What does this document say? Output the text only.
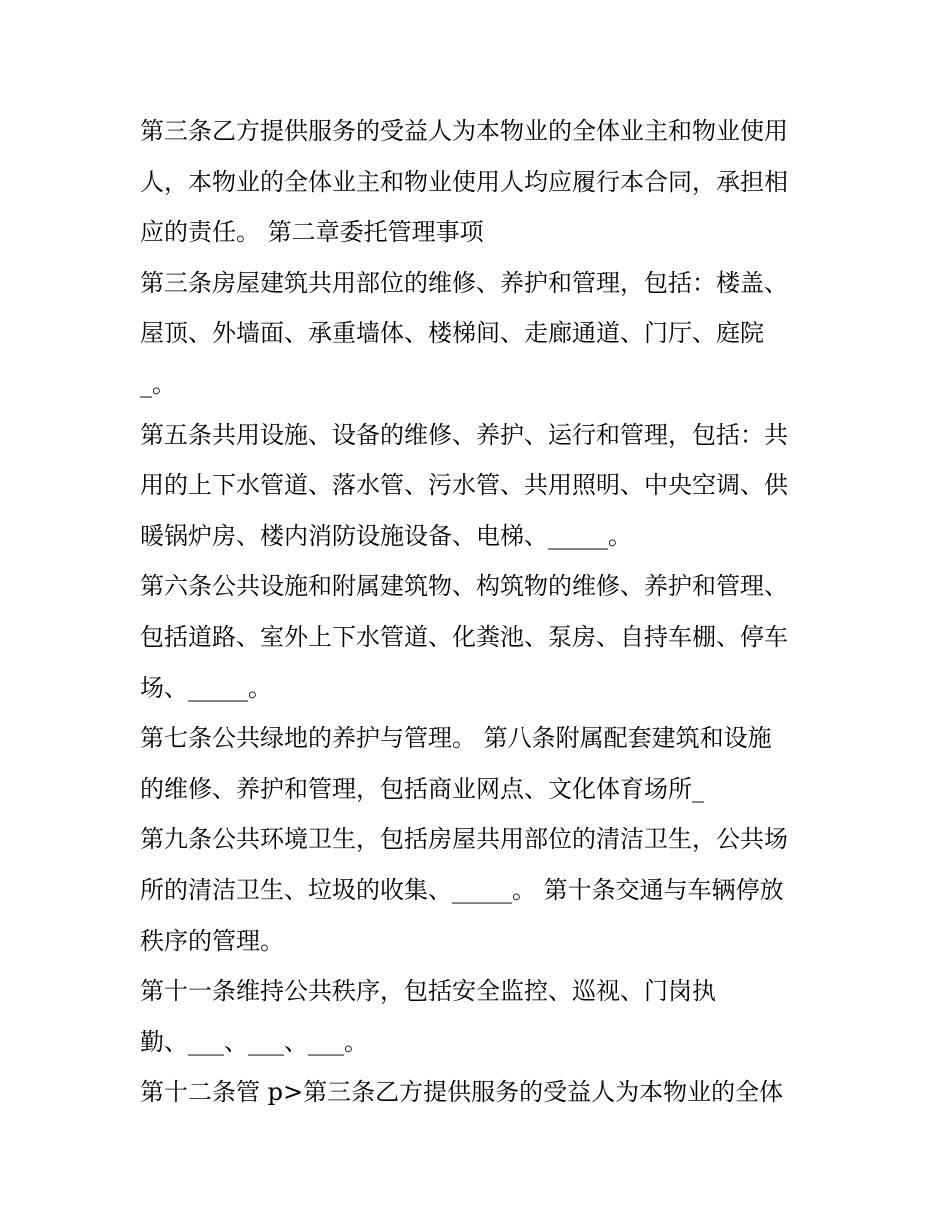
第三条乙方提供服务的受益人为本物业的全体业主和物业使用
人，本物业的全体业主和物业使用人均应履行本合同，承担相
应的责任。 第二章委托管理事项
第三条房屋建筑共用部位的维修、养护和管理，包括：楼盖、
屋顶、外墙面、承重墙体、楼梯间、走廊通道、门厅、庭院
_。
第五条共用设施、设备的维修、养护、运行和管理，包括：共
用的上下水管道、落水管、污水管、共用照明、中央空调、供
暖锅炉房、楼内消防设施设备、电梯、_____。
第六条公共设施和附属建筑物、构筑物的维修、养护和管理、
包括道路、室外上下水管道、化粪池、泵房、自持车棚、停车
场、_____。
第七条公共绿地的养护与管理。 第八条附属配套建筑和设施
的维修、养护和管理，包括商业网点、文化体育场所_
第九条公共环境卫生，包括房屋共用部位的清洁卫生，公共场
所的清洁卫生、垃圾的收集、_____。 第十条交通与车辆停放
秩序的管理。
第十一条维持公共秩序，包括安全监控、巡视、门岗执
勤、___、___、___。
第十二条管 p>第三条乙方提供服务的受益人为本物业的全体
